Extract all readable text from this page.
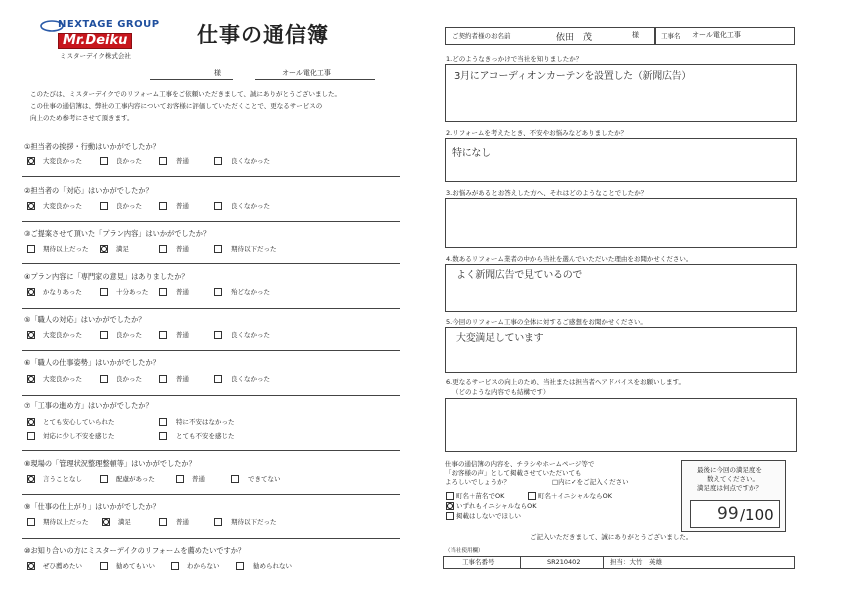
NEXTAGE GROUP
Mr.Deiku
ミスターデイク株式会社
仕事の通信簿
様	オール電化工事
このたびは、ミスターデイクでのリフォーム工事をご依頼いただきまして、誠にありがとうございました。
この仕事の通信簿は、弊社の工事内容についてお客様に評価していただくことで、更なるサービスの
向上のため参考にさせて頂きます。
①担当者の挨拶・行動はいかがでしたか？
大変良かった	良かった	普通	良くなかった
②担当者の「対応」はいかがでしたか？
大変良かった	良かった	普通	良くなかった
③ご提案させて頂いた「プラン内容」はいかがでしたか？
期待以上だった	満足	普通	期待以下だった
④プラン内容に「専門家の意見」はありましたか？
かなりあった	十分あった	普通	殆どなかった
⑤「職人の対応」はいかがでしたか？
大変良かった	良かった	普通	良くなかった
⑥「職人の仕事姿勢」はいかがでしたか？
大変良かった	良かった	普通	良くなかった
⑦「工事の進め方」はいかがでしたか？
とても安心していられた	特に不安はなかった
対応に少し不安を感じた	とても不安を感じた
⑧現場の「管理状況整理整頓等」はいかがでしたか？
言うことなし	配慮があった	普通	できてない
⑨「仕事の仕上がり」はいかがでしたか？
期待以上だった	満足	普通	期待以下だった
⑩お知り合いの方にミスターデイクのリフォームを薦めたいですか？
ぜひ薦めたい	勧めてもいい	わからない	勧められない
ご契約者様のお名前	依田　茂	様	工事名 オール電化工事
1.どのようなきっかけで当社を知りましたか？
3月にアコーディオンカーテンを設置した（新聞広告）
2.リフォームを考えたとき、不安やお悩みなどありましたか？
特になし
3.お悩みがあるとお答えした方へ、それはどのようなことでしたか？
4.数あるリフォーム業者の中から当社を選んでいただいた理由をお聞かせください。
よく新聞広告で見ているので
5.今回のリフォーム工事の全体に対するご感想をお聞かせください。
大変満足しています
6.更なるサービスの向上のため、当社または担当者へアドバイスをお願いします。
（どのような内容でも結構です）
仕事の通信簿の内容を、チラシやホームページ等で
「お客様の声」として掲載させていただいても
よろしいでしょうか？	□内に✓をご記入ください
町名＋苗名でOK	町名＋イニシャルならOK
いずれもイニシャルならOK
掲載はしないでほしい
最後に今回の満足度を
数えてください。
満足度は何点ですか？
99 /100
ご記入いただきまして、誠にありがとうございました。
（当社使用欄）
工事名番号	SR210402	担当：大竹　英雄
